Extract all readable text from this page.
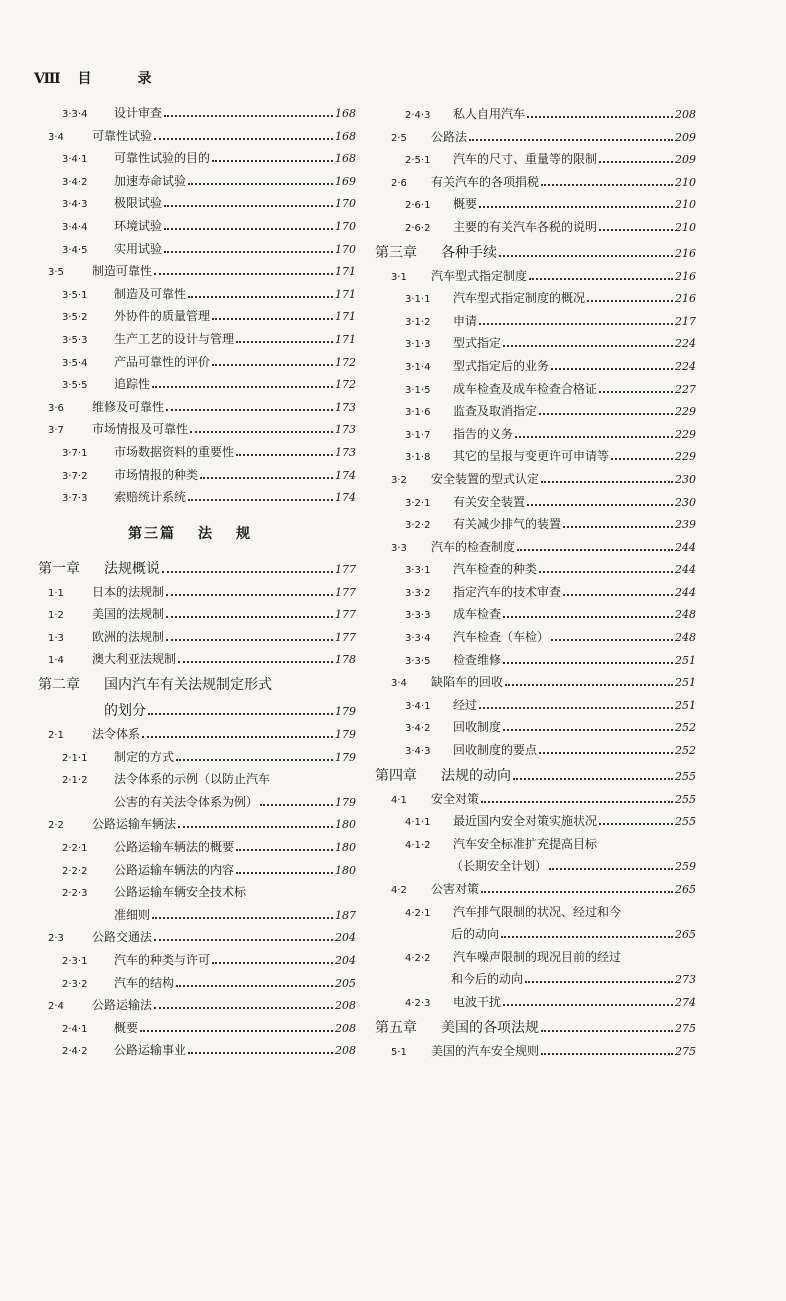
Ⅷ 目　　录
3·3·4	设计审查	168
3·4	可靠性试验	168
3·4·1	可靠性试验的目的	168
3·4·2	加速寿命试验	169
3·4·3	极限试验	170
3·4·4	环境试验	170
3·4·5	实用试验	170
3·5	制造可靠性	171
3·5·1	制造及可靠性	171
3·5·2	外协件的质量管理	171
3·5·3	生产工艺的设计与管理	171
3·5·4	产品可靠性的评价	172
3·5·5	追踪性	172
3·6	维修及可靠性	173
3·7	市场情报及可靠性	173
3·7·1	市场数据资料的重要性	173
3·7·2	市场情报的种类	174
3·7·3	索赔统计系统	174
第三篇 法 规
第一章	法规概说	177
1·1	日本的法规制	177
1·2	美国的法规制	177
1·3	欧洲的法规制	177
1·4	澳大利亚法规制	178
第二章	国内汽车有关法规制定形式
的划分	179
2·1	法令体系	179
2·1·1	制定的方式	179
2·1·2	法令体系的示例（以防止汽车
公害的有关法令体系为例）	179
2·2	公路运输车辆法	180
2·2·1	公路运输车辆法的概要	180
2·2·2	公路运输车辆法的内容	180
2·2·3	公路运输车辆安全技术标
准细则	187
2·3	公路交通法	204
2·3·1	汽车的种类与许可	204
2·3·2	汽车的结构	205
2·4	公路运输法	208
2·4·1	概要	208
2·4·2	公路运输事业	208
2·4·3	私人自用汽车	208
2·5	公路法	209
2·5·1	汽车的尺寸、重量等的限制	209
2·6	有关汽车的各项捐税	210
2·6·1	概要	210
2·6·2	主要的有关汽车各税的说明	210
第三章	各种手续	216
3·1	汽车型式指定制度	216
3·1·1	汽车型式指定制度的概况	216
3·1·2	申请	217
3·1·3	型式指定	224
3·1·4	型式指定后的业务	224
3·1·5	成车检查及成车检查合格证	227
3·1·6	监查及取消指定	229
3·1·7	指告的义务	229
3·1·8	其它的呈报与变更许可申请等	229
3·2	安全装置的型式认定	230
3·2·1	有关安全装置	230
3·2·2	有关减少排气的装置	239
3·3	汽车的检查制度	244
3·3·1	汽车检查的种类	244
3·3·2	指定汽车的技术审查	244
3·3·3	成车检查	248
3·3·4	汽车检查（车检）	248
3·3·5	检查维修	251
3·4	缺陷车的回收	251
3·4·1	经过	251
3·4·2	回收制度	252
3·4·3	回收制度的要点	252
第四章	法规的动向	255
4·1	安全对策	255
4·1·1	最近国内安全对策实施状况	255
4·1·2	汽车安全标准扩充提高目标
（长期安全计划）	259
4·2	公害对策	265
4·2·1	汽车排气限制的状况、经过和今
后的动向	265
4·2·2	汽车噪声限制的现况目前的经过
和今后的动向	273
4·2·3	电波干扰	274
第五章	美国的各项法规	275
5·1	美国的汽车安全规则	275
